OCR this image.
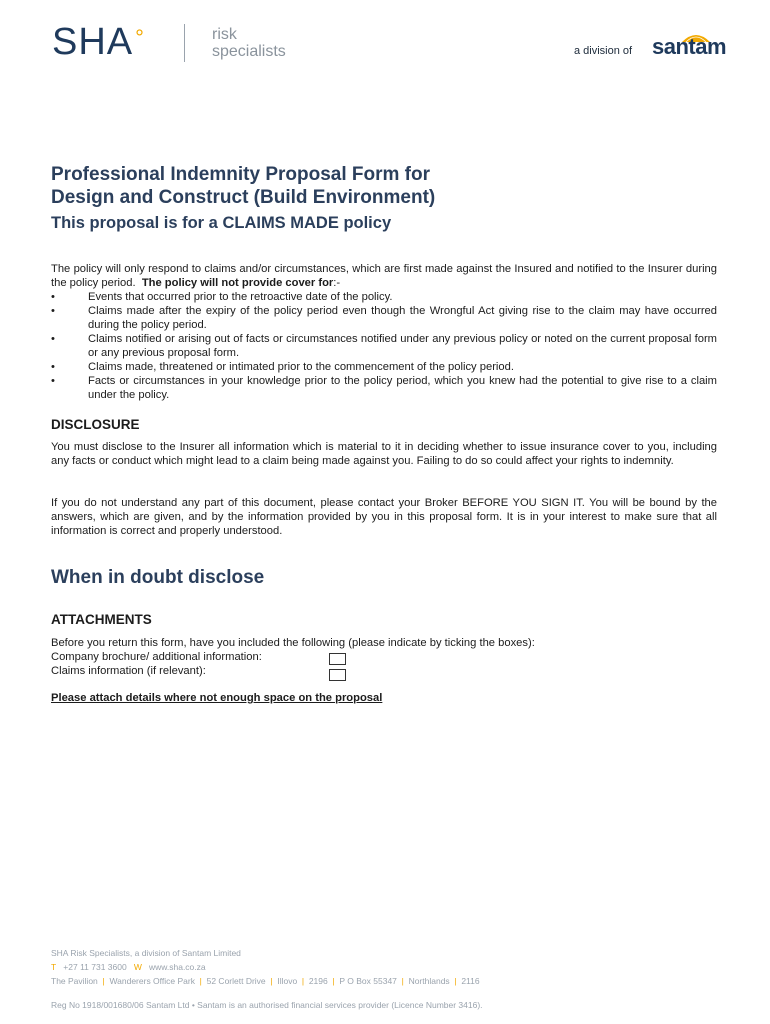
SHA°	risk
specialists	a division of santam
Professional Indemnity Proposal Form for
Design and Construct (Build Environment)
This proposal is for a CLAIMS MADE policy
The policy will only respond to claims and/or circumstances, which are first made against the Insured and notified to the Insurer during the policy period. The policy will not provide cover for:-
•	Events that occurred prior to the retroactive date of the policy.
•	Claims made after the expiry of the policy period even though the Wrongful Act giving rise to the claim may have occurred during the policy period.
•	Claims notified or arising out of facts or circumstances notified under any previous policy or noted on the current proposal form or any previous proposal form.
•	Claims made, threatened or intimated prior to the commencement of the policy period.
•	Facts or circumstances in your knowledge prior to the policy period, which you knew had the potential to give rise to a claim under the policy.
DISCLOSURE
You must disclose to the Insurer all information which is material to it in deciding whether to issue insurance cover to you, including any facts or conduct which might lead to a claim being made against you. Failing to do so could affect your rights to indemnity.
If you do not understand any part of this document, please contact your Broker BEFORE YOU SIGN IT. You will be bound by the answers, which are given, and by the information provided by you in this proposal form. It is in your interest to make sure that all information is correct and properly understood.
When in doubt disclose
ATTACHMENTS
Before you return this form, have you included the following (please indicate by ticking the boxes):
Company brochure/ additional information:
Claims information (if relevant):
Please attach details where not enough space on the proposal
SHA Risk Specialists, a division of Santam Limited
T +27 11 731 3600 W www.sha.co.za
The Pavilion  |  Wanderers Office Park  |  52 Corlett Drive  |  Illovo  |  2196  |  P O Box 55347  |  Northlands  |  2116
Reg No 1918/001680/06 Santam Ltd • Santam is an authorised financial services provider (Licence Number 3416).
